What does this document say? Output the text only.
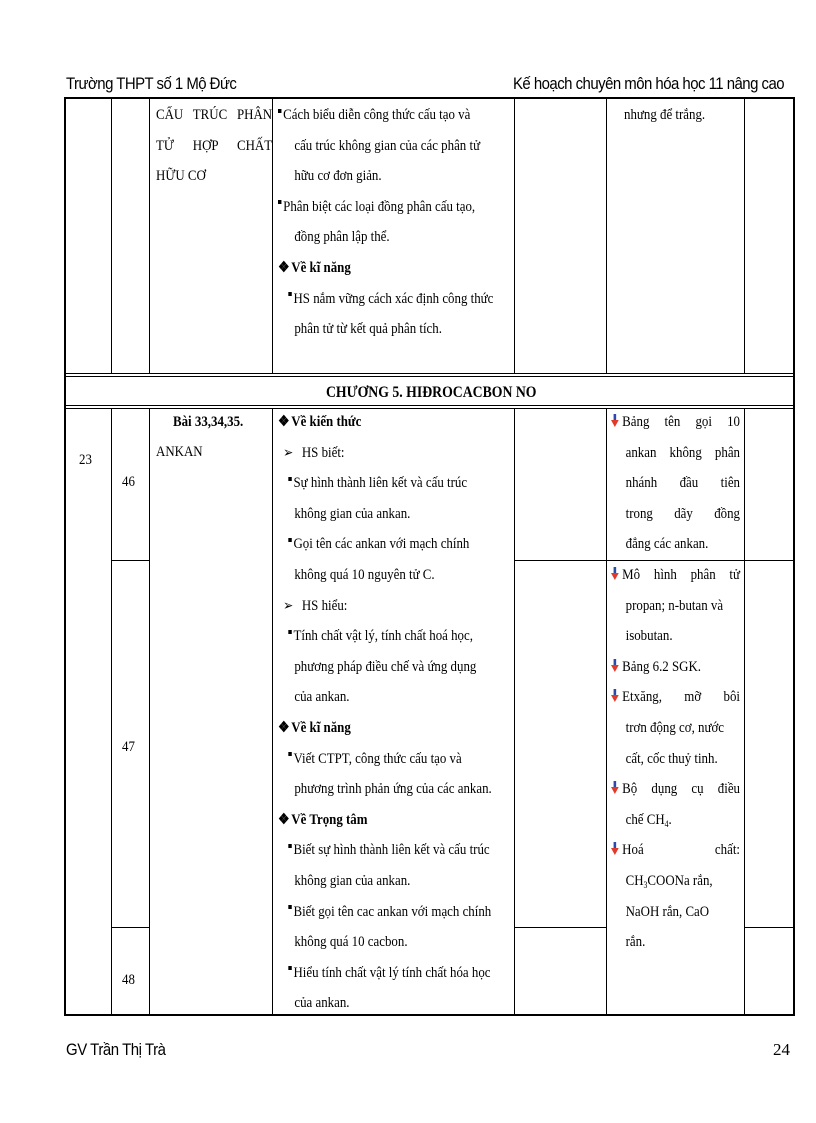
Trường THPT số 1 Mộ Đức	Kế hoạch chuyên môn hóa học 11 nâng cao
CẤU TRÚC PHÂN
TỬ HỢP CHẤT
HỮU CƠ
Cách biểu diễn công thức cấu tạo và
cấu trúc không gian của các phân tử
hữu cơ đơn giản.
Phân biệt các loại đồng phân cấu tạo,
đồng phân lập thể.
❖ Về kĩ năng
HS nắm vững cách xác định công thức
phân tử từ kết quả phân tích.
nhưng để trắng.
CHƯƠNG 5. HIĐROCACBON NO
23
46
47
48
Bài 33,34,35.
ANKAN
❖ Về kiến thức
➢ HS biết:
Sự hình thành liên kết và cấu trúc
không gian của ankan.
Gọi tên các ankan với mạch chính
không quá 10 nguyên tử C.
➢ HS hiểu:
Tính chất vật lý, tính chất hoá học,
phương pháp điều chế và ứng dụng
của ankan.
❖ Về kĩ năng
Viết CTPT, công thức cấu tạo và
phương trình phản ứng của các ankan.
❖ Về Trọng tâm
Biết sự hình thành liên kết và cấu trúc
không gian của ankan.
Biết gọi tên cac ankan với mạch chính
không quá 10 cacbon.
Hiểu tính chất vật lý tính chất hóa học
của ankan.
Bảng tên gọi 10
ankan không phân
nhánh đầu tiên
trong dãy đồng
đẳng các ankan.
Mô hình phân tử
propan; n-butan và
isobutan.
Bảng 6.2 SGK.
Etxăng, mỡ bôi
trơn động cơ, nước
cất, cốc thuỷ tinh.
Bộ dụng cụ điều
chế $CH_4$.
Hoá chất:
$CH_3COONa$ rắn,
NaOH rắn, CaO
rắn.
GV Trần Thị Trà	24
